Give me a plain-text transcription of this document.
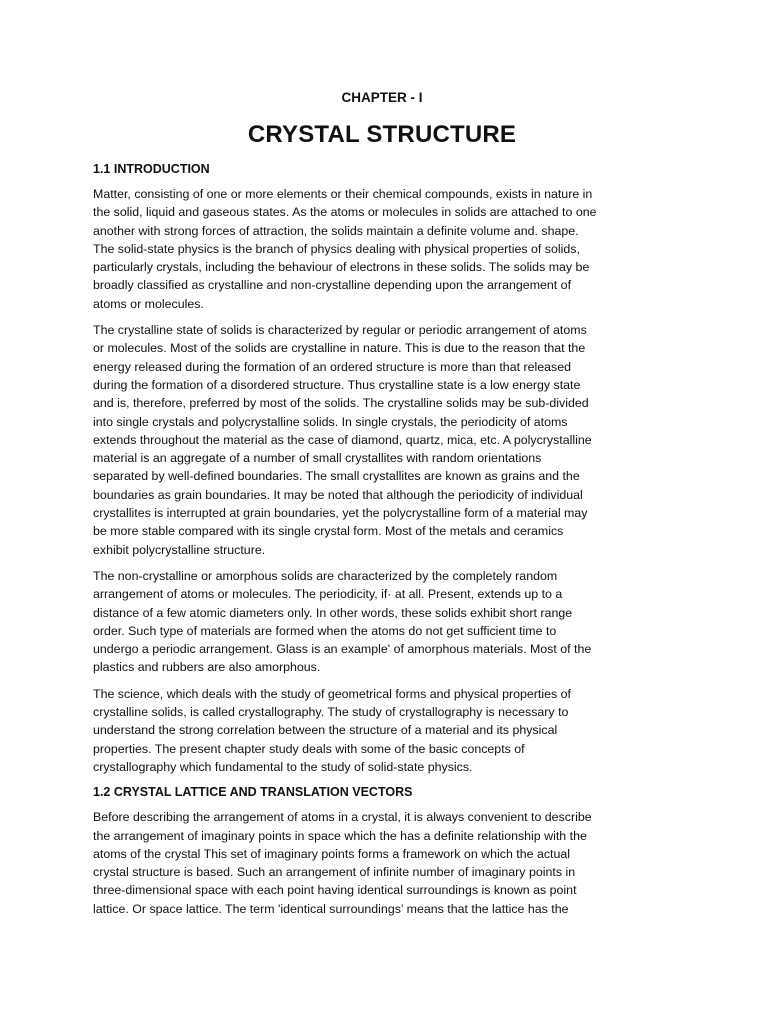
CHAPTER - I
CRYSTAL STRUCTURE
1.1 INTRODUCTION
Matter, consisting of one or more elements or their chemical compounds, exists in nature in
the solid, liquid and gaseous states. As the atoms or molecules in solids are attached to one
another with strong forces of attraction, the solids maintain a definite volume and. shape.
The solid-state physics is the branch of physics dealing with physical properties of solids,
particularly crystals, including the behaviour of electrons in these solids. The solids may be
broadly classified as crystalline and non-crystalline depending upon the arrangement of
atoms or molecules.
The crystalline state of solids is characterized by regular or periodic arrangement of atoms
or molecules. Most of the solids are crystalline in nature. This is due to the reason that the
energy released during the formation of an ordered structure is more than that released
during the formation of a disordered structure. Thus crystalline state is a low energy state
and is, therefore, preferred by most of the solids. The crystalline solids may be sub-divided
into single crystals and polycrystalline solids. In single crystals, the periodicity of atoms
extends throughout the material as the case of diamond, quartz, mica, etc. A polycrystalline
material is an aggregate of a number of small crystallites with random orientations
separated by well-defined boundaries. The small crystallites are known as grains and the
boundaries as grain boundaries. It may be noted that although the periodicity of individual
crystallites is interrupted at grain boundaries, yet the polycrystalline form of a material may
be more stable compared with its single crystal form. Most of the metals and ceramics
exhibit polycrystalline structure.
The non-crystalline or amorphous solids are characterized by the completely random
arrangement of atoms or molecules. The periodicity, if· at all. Present, extends up to a
distance of a few atomic diameters only. In other words, these solids exhibit short range
order. Such type of materials are formed when the atoms do not get sufficient time to
undergo a periodic arrangement. Glass is an example' of amorphous materials. Most of the
plastics and rubbers are also amorphous.
The science, which deals with the study of geometrical forms and physical properties of
crystalline solids, is called crystallography. The study of crystallography is necessary to
understand the strong correlation between the structure of a material and its physical
properties. The present chapter study deals with some of the basic concepts of
crystallography which fundamental to the study of solid-state physics.
1.2 CRYSTAL LATTICE AND TRANSLATION VECTORS
Before describing the arrangement of atoms in a crystal, it is always convenient to describe
the arrangement of imaginary points in space which the has a definite relationship with the
atoms of the crystal This set of imaginary points forms a framework on which the actual
crystal structure is based. Such an arrangement of infinite number of imaginary points in
three-dimensional space with each point having identical surroundings is known as point
lattice. Or space lattice. The term 'identical surroundings’ means that the lattice has the
